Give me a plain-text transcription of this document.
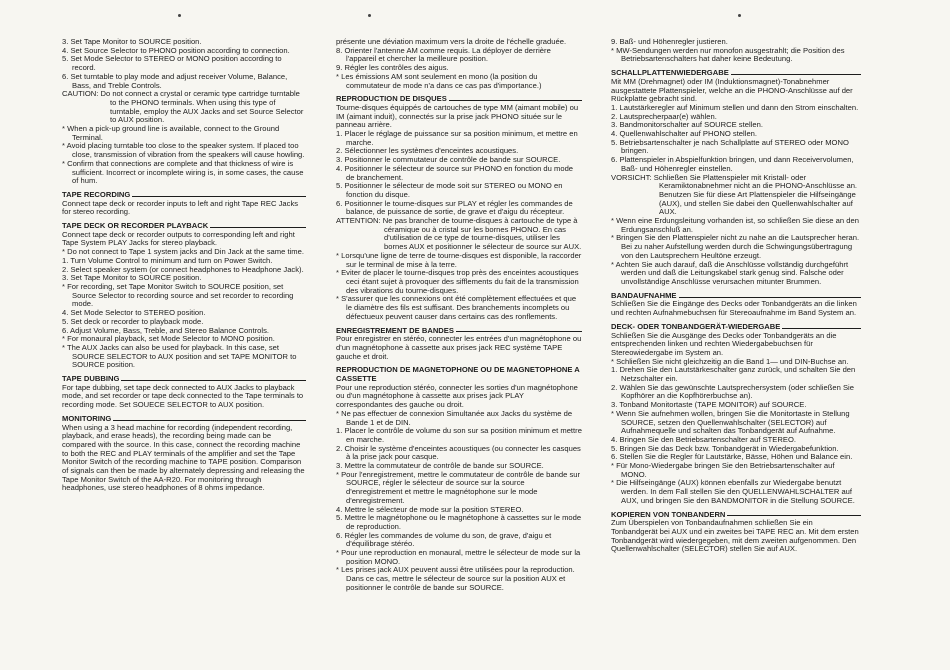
3. Set Tape Monitor to SOURCE position.
4. Set Source Selector to PHONO position according to connection.
5. Set Mode Selector to STEREO or MONO position according to record.
6. Set turntable to play mode and adjust receiver Volume, Balance, Bass, and Treble Controls.
CAUTION: Do not connect a crystal or ceramic type cartridge turntable to the PHONO terminals. When using this type of turntable, employ the AUX Jacks and set Source Selector to AUX position.
* When a pick-up ground line is available, connect to the Ground Terminal.
* Avoid placing turntable too close to the speaker system. If placed too close, transmission of vibration from the speakers will cause howling.
* Confirm that connections are complete and that thickness of wire is sufficient. Incorrect or incomplete wiring is, in some cases, the cause of hum.
TAPE RECORDING

Connect tape deck or recorder inputs to left and right Tape REC Jacks for stereo recording.

TAPE DECK OR RECORDER PLAYBACK

Connect tape deck or recorder outputs to corresponding left and right Tape System PLAY Jacks for stereo playback.

* Do not connect to Tape 1 system jacks and Din Jack at the same time.
1. Turn Volume Control to minimum and turn on Power Switch.
2. Select speaker system (or connect headphones to Headphone Jack).
3. Set Tape Monitor to SOURCE position.
* For recording, set Tape Monitor Switch to SOURCE position, set Source Selector to recording source and set recorder to recording mode.
4. Set Mode Selector to STEREO position.
5. Set deck or recorder to playback mode.
6. Adjust Volume, Bass, Treble, and Stereo Balance Controls.
* For monaural playback, set Mode Selector to MONO position.
* The AUX Jacks can also be used for playback. In this case, set SOURCE SELECTOR to AUX position and set TAPE MONITOR to SOURCE position.
TAPE DUBBING

For tape dubbing, set tape deck connected to AUX Jacks to playback mode, and set recorder or tape deck connected to the Tape terminals to recording mode. Set SOUECE SELECTOR to AUX position.

MONITORING

When using a 3 head machine for recording (independent recording, playback, and erase heads), the recording being made can be compared with the source. In this case, connect the recording machine to both the REC and PLAY terminals of the amplifier and set the Tape Monitor Switch of the recording machine to TAPE position. Comparison of signals can then be made by alternately depressing and releasing the Tape Monitor Switch of the AA-R20. For monitoring through headphones, use stereo headphones of 8 ohms impedance.

présente une déviation maximum vers la droite de l'échelle graduée.
8. Orienter l'antenne AM comme requis. La déployer de derrière l'appareil et chercher la meilleure position.
9. Régler les contrôles des aigus.
* Les émissions AM sont seulement en mono (la position du commutateur de mode n'a dans ce cas pas d'importance.)
REPRODUCTION DE DISQUES

Tourne-disques équippés de cartouches de type MM (aimant mobile) ou IM (aimant induit), connectés sur la prise jack PHONO située sur le panneau arrière.

1. Placer le réglage de puissance sur sa position minimum, et mettre en marche.
2. Sélectionner les systèmes d'enceintes acoustiques.
3. Positionner le commutateur de contrôle de bande sur SOURCE.
4. Positionner le sélecteur de source sur PHONO en fonction du mode de branchement.
5. Positionner le sélecteur de mode soit sur STEREO ou MONO en fonction du disque.
6. Positionner le tourne-disques sur PLAY et régler les commandes de balance, de puissance de sortie, de grave et d'aigu du récepteur.

ATTENTION: Ne pas brancher de tourne-disques à cartouche de type à céramique ou à cristal sur les bornes PHONO. En cas d'utilisation de ce type de tourne-disques, utiliser les bornes AUX et positionner le sélecteur de source sur AUX.

* Lorsqu'une ligne de terre de tourne-disques est disponible, la raccorder sur le terminal de mise à la terre.
* Eviter de placer le tourne-disques trop près des enceintes acoustiques ceci étant sujet à provoquer des sifflements du fait de la transmission des vibrations du tourne-disques.
* S'assurer que les connexions ont été complètement effectuées et que le diamètre des fils est suffisant. Des branchements incomplets ou défectueux peuvent causer dans certains cas des ronflements.
ENREGISTREMENT DE BANDES

Pour enregistrer en stéréo, connecter les entrées d'un magnétophone ou d'un magnétophone à cassette aux prises jack REC système TAPE gauche et droit.

REPRODUCTION DE MAGNETOPHONE OU DE MAGNETOPHONE A CASSETTE

Pour une reproduction stéréo, connecter les sorties d'un magnétophone ou d'un magnétophone à cassette aux prises jack PLAY correspondantes des gauche ou droit.

* Ne pas effectuer de connexion Simultanée aux Jacks du système de Bande 1 et de DIN.
1. Placer le contrôle de volume du son sur sa position minimum et mettre en marche.
2. Choisir le système d'enceintes acoustiques (ou connecter les casques à la prise jack pour casque.
3. Mettre la commutateur de contrôle de bande sur SOURCE.
* Pour l'enregistrement, mettre le commutateur de contrôle de bande sur SOURCE, régler le sélecteur de source sur la source d'enregistrement et mettre le magnétophone sur le mode d'enregistrement.
4. Mettre le sélecteur de mode sur la position STEREO.
5. Mettre le magnétophone ou le magnétophone à cassettes sur le mode de reproduction.
6. Régler les commandes de volume du son, de grave, d'aigu et d'équilibrage stéréo.
* Pour une reproduction en monaural, mettre le sélecteur de mode sur la position MONO.
* Les prises jack AUX peuvent aussi être utilisées pour la reproduction. Dans ce cas, mettre le sélecteur de source sur la position AUX et positionner le contrôle de bande sur SOURCE.
9. Baß- und Höhenregler justieren.
* MW-Sendungen werden nur monofon ausgestrahlt; die Position des Betriebsartenschalters hat daher keine Bedeutung.
SCHALLPLATTENWIEDERGABE

Mit MM (Drehmagnet) oder IM (Induktionsmagnet)-Tonabnehmer ausgestattete Plattenspieler, welche an die PHONO-Anschlüsse auf der Rückplatte gebracht sind.

1. Lautstärkeregler auf Minimum stellen und dann den Strom einschalten.
2. Lautsprecherpaar(e) wählen.
3. Bandmonitorschalter auf SOURCE stellen.
4. Quellenwahlschalter auf PHONO stellen.
5. Betriebsartenschalter je nach Schallplatte auf STEREO oder MONO bringen.
6. Plattenspieler in Abspielfunktion bringen, und dann Receivervolumen, Baß- und Höhenregler einstellen.

VORSICHT: Schließen Sie Plattenspieler mit Kristall- oder Keramiktonabnehmer nicht an die PHONO-Anschlüsse an. Benutzen Sie für diese Art Plattenspieler die Hilfseingänge (AUX), und stellen Sie dabei den Quellenwahlschalter auf AUX.

* Wenn eine Erdungsleitung vorhanden ist, so schließen Sie diese an den Erdungsanschluß an.
* Bringen Sie den Plattenspieler nicht zu nahe an die Lautsprecher heran. Bei zu naher Aufstellung werden durch die Schwingungsübertragung von den Lautsprechern Heultöne erzeugt.
* Achten Sie auch darauf, daß die Anschlüsse vollständig durchgeführt werden und daß die Leitungskabel stark genug sind. Falsche oder unvollständige Anschlüsse verursachen mitunter Brummen.
BANDAUFNAHME

Schließen Sie die Eingänge des Decks oder Tonbandgeräts an die linken und rechten Aufnahmebuchsen für Stereoaufnahme im Band System an.

DECK- ODER TONBANDGERÄT-WIEDERGABE

Schließen Sie die Ausgänge des Decks oder Tonbandgeräts an die entsprechenden linken und rechten Wiedergabebuchsen für Stereowiedergabe im System an.

* Schließen Sie nicht gleichzeitig an die Band 1— und DIN-Buchse an.
1. Drehen Sie den Lautstärkeschalter ganz zurück, und schalten Sie den Netzschalter ein.
2. Wählen Sie das gewünschte Lautsprechersystem (oder schließen Sie Kopfhörer an die Kopfhörerbuchse an).
3. Tonband Monitortaste (TAPE MONITOR) auf SOURCE.
* Wenn Sie aufnehmen wollen, bringen Sie die Monitortaste in Stellung SOURCE, setzen den Quellenwahlschalter (SELECTOR) auf Aufnahmequelle und schalten das Tonbandgerät auf Aufnahme.
4. Bringen Sie den Betriebsartenschalter auf STEREO.
5. Bringen Sie das Deck bzw. Tonbandgerät in Wiedergabefunktion.
6. Stellen Sie die Regler für Lautstärke, Bässe, Höhen und Balance ein.
* Für Mono-Wiedergabe bringen Sie den Betriebsartenschalter auf MONO.
* Die Hilfseingänge (AUX) können ebenfalls zur Wiedergabe benutzt werden. In dem Fall stellen Sie den QUELLENWAHLSCHALTER auf AUX, und bringen Sie den BANDMONITOR in die Stellung SOURCE.
KOPIEREN VON TONBANDERN

Zum Überspielen von Tonbandaufnahmen schließen Sie ein Tonbandgerät bei AUX und ein zweites bei TAPE REC an. Mit dem ersten Tonbandgerät wird wiedergegeben, mit dem zweiten aufgenommen. Den Quellenwahlschalter (SELECTOR) stellen Sie auf AUX.
